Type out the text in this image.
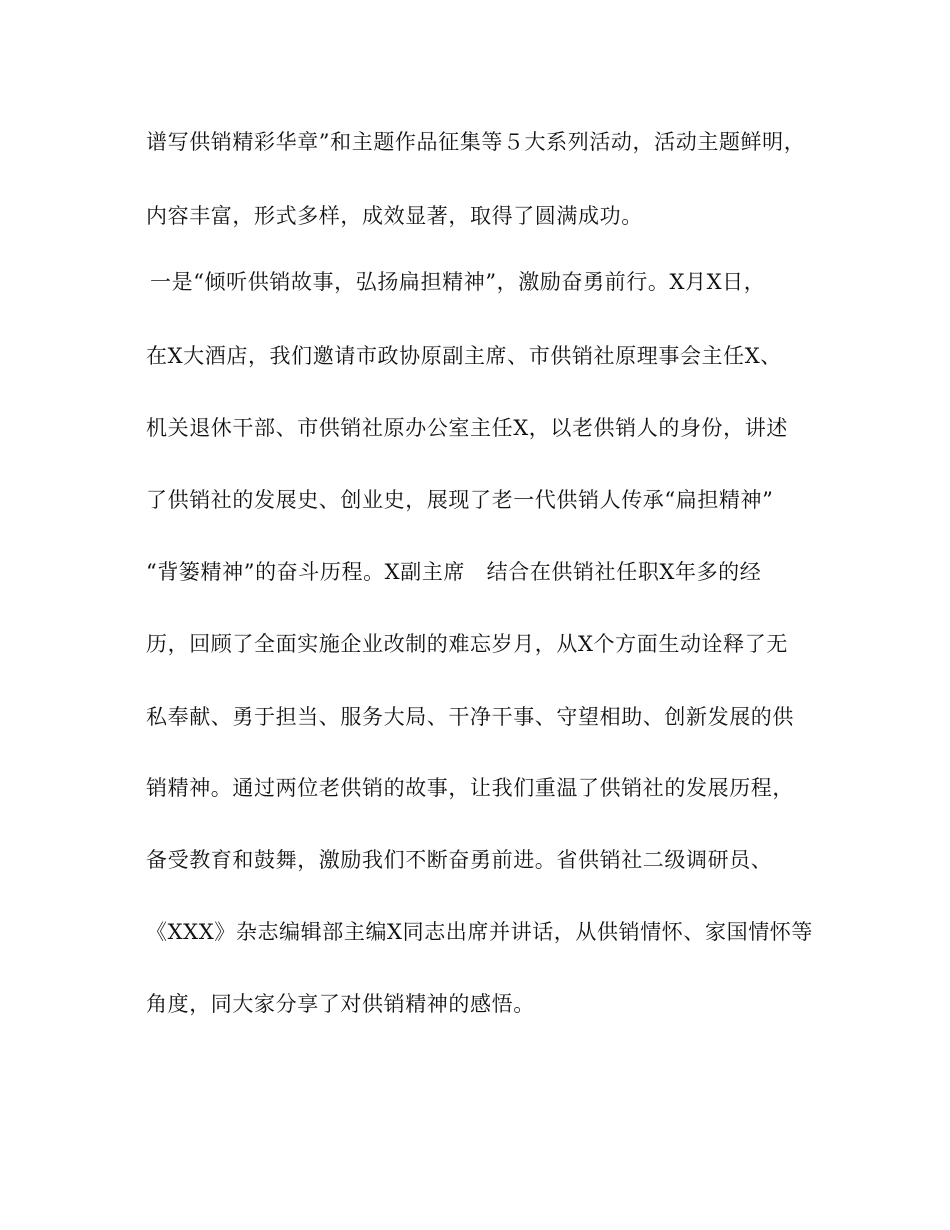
谱写供销精彩华章”和主题作品征集等５大系列活动，活动主题鲜明，
内容丰富，形式多样，成效显著，取得了圆满成功。
一是“倾听供销故事，弘扬扁担精神”，激励奋勇前行。X月X日，
在X大酒店，我们邀请市政协原副主席、市供销社原理事会主任X、
机关退休干部、市供销社原办公室主任X，以老供销人的身份，讲述
了供销社的发展史、创业史，展现了老一代供销人传承“扁担精神”
“背篓精神”的奋斗历程。X副主席　结合在供销社任职X年多的经
历，回顾了全面实施企业改制的难忘岁月，从X个方面生动诠释了无
私奉献、勇于担当、服务大局、干净干事、守望相助、创新发展的供
销精神。通过两位老供销的故事，让我们重温了供销社的发展历程，
备受教育和鼓舞，激励我们不断奋勇前进。省供销社二级调研员、
《XXX》杂志编辑部主编X同志出席并讲话，从供销情怀、家国情怀等
角度，同大家分享了对供销精神的感悟。
